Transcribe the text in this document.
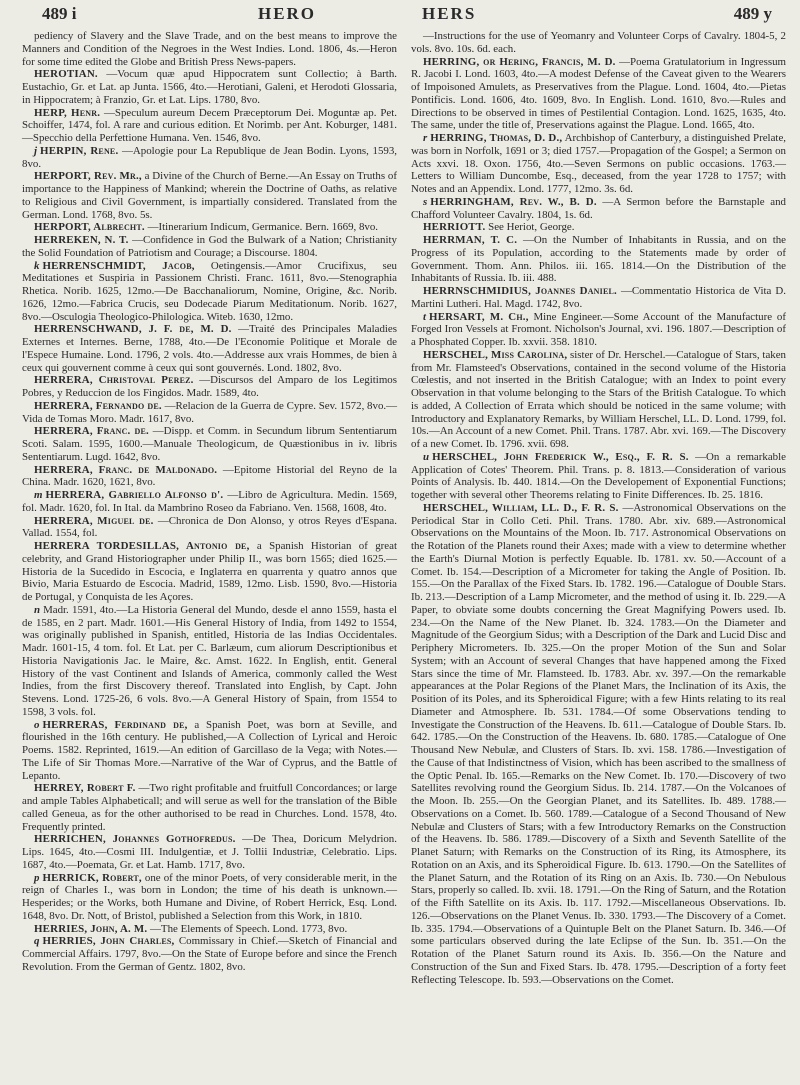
489 i	HERO	HERS	489 y

pediency of Slavery and the Slave Trade, and on the best means to improve the Manners and Condition of the Negroes in the West Indies. Lond. 1806, 4s.—Heron for some time edited the Globe and British Press News-papers.

HEROTIAN. —Vocum quæ apud Hippocratem sunt Collectio; à Barth. Eustachio, Gr. et Lat. ap Junta. 1566, 4to.—Herotiani, Galeni, et Herodoti Glossaria, in Hippocratem; à Franzio, Gr. et Lat. Lips. 1780, 8vo.

HERP, Henr. —Speculum aureum Decem Præceptorum Dei. Moguntæ ap. Pet. Schoiffer, 1474, fol. A rare and curious edition. Et Norimb. per Ant. Koburger, 1481.—Specchio della Perfettione Humana. Ven. 1546, 8vo.

j HERPIN, Rene. —Apologie pour La Republique de Jean Bodin. Lyons, 1593, 8vo.

HERPORT, Rev. Mr., a Divine of the Church of Berne.—An Essay on Truths of importance to the Happiness of Mankind; wherein the Doctrine of Oaths, as relative to Religious and Civil Government, is impartially considered. Translated from the German. Lond. 1768, 8vo. 5s.

HERPORT, Albrecht. —Itinerarium Indicum, Germanice. Bern. 1669, 8vo.

HERREKEN, N. T. —Confidence in God the Bulwark of a Nation; Christianity the Solid Foundation of Patriotism and Courage; a Discourse. 1804.

k HERRENSCHMIDT, Jacob, Oetingensis.—Amor Crucifixus, seu Meditationes et Suspiria in Passionem Christi. Franc. 1611, 8vo.—Stenographia Rhetica. Norib. 1625, 12mo.—De Bacchanaliorum, Nomine, Origine, &c. Norib. 1626, 12mo.—Fabrica Crucis, seu Dodecade Piarum Meditationum. Norib. 1627, 8vo.—Osculogia Theologico-Philologica. Witeb. 1630, 12mo.

HERRENSCHWAND, J. F. de, M. D. —Traité des Principales Maladies Externes et Internes. Berne, 1788, 4to.—De l'Economie Politique et Morale de l'Espece Humaine. Lond. 1796, 2 vols. 4to.—Addresse aux vrais Hommes, de bien à ceux qui gouvernent comme à ceux qui sont gouvernés. Lond. 1802, 8vo.

HERRERA, Christoval Perez. —Discursos del Amparo de los Legitimos Pobres, y Reduccion de los Fingidos. Madr. 1589, 4to.

HERRERA, Fernando de. —Relacion de la Guerra de Cypre. Sev. 1572, 8vo.—Vida de Tomas Moro. Madr. 1617, 8vo.

HERRERA, Franc. de. —Dispp. et Comm. in Secundum librum Sententiarum Scoti. Salam. 1595, 1600.—Manuale Theologicum, de Quæstionibus in iv. libris Sententiarum. Lugd. 1642, 8vo.

HERRERA, Franc. de Maldonado. —Epitome Historial del Reyno de la China. Madr. 1620, 1621, 8vo.

m HERRERA, Gabriello Alfonso d'. —Libro de Agricultura. Medin. 1569, fol. Madr. 1620, fol. In Ital. da Mambrino Roseo da Fabriano. Ven. 1568, 1608, 4to.

HERRERA, Miguel de. —Chronica de Don Alonso, y otros Reyes d'Espana. Vallad. 1554, fol.

HERRERA TORDESILLAS, Antonio de, a Spanish Historian of great celebrity, and Grand Historiographer under Philip II., was born 1565; died 1625.—Historia de la Sucedido in Escocia, e Inglaterra en quarrenta y quatro annos que Bivio, Maria Estuardo de Escocia. Madrid, 1589, 12mo. Lisb. 1590, 8vo.—Historia de Portugal, y Conquista de les Açores.

n Madr. 1591, 4to.—La Historia General del Mundo, desde el anno 1559, hasta el de 1585, en 2 part. Madr. 1601.—His General History of India, from 1492 to 1554, was originally published in Spanish, entitled, Historia de las Indias Occidentales. Madr. 1601-15, 4 tom. fol. Et Lat. per C. Barlæum, cum aliorum Descriptionibus et Historia Navigationis Jac. le Maire, &c. Amst. 1622. In English, entit. General History of the vast Continent and Islands of America, commonly called the West Indies, from the first Discovery thereof. Translated into English, by Capt. John Stevens. Lond. 1725-26, 6 vols. 8vo.—A General History of Spain, from 1554 to 1598, 3 vols. fol.

o HERRERAS, Ferdinand de, a Spanish Poet, was born at Seville, and flourished in the 16th century. He published,—A Collection of Lyrical and Heroic Poems. 1582. Reprinted, 1619.—An edition of Garcillaso de la Vega; with Notes.—The Life of Sir Thomas More.—Narrative of the War of Cyprus, and the Battle of Lepanto.

HERREY, Robert F. —Two right profitable and fruitfull Concordances; or large and ample Tables Alphabeticall; and will serue as well for the translation of the Bible called Geneua, as for the other authorised to be read in Churches. Lond. 1578, 4to. Frequently printed.

HERRICHEN, Johannes Gothofredus. —De Thea, Doricum Melydrion. Lips. 1645, 4to.—Cosmi III. Indulgentiæ, et J. Tollii Industriæ, Celebratio. Lips. 1687, 4to.—Poemata, Gr. et Lat. Hamb. 1717, 8vo.

p HERRICK, Robert, one of the minor Poets, of very considerable merit, in the reign of Charles I., was born in London; the time of his death is unknown.—Hesperides; or the Works, both Humane and Divine, of Robert Herrick, Esq. Lond. 1648, 8vo. Dr. Nott, of Bristol, published a Selection from this Work, in 1810.

HERRIES, John, A. M. —The Elements of Speech. Lond. 1773, 8vo.

q HERRIES, John Charles, Commissary in Chief.—Sketch of Financial and Commercial Affairs. 1797, 8vo.—On the State of Europe before and since the French Revolution. From the German of Gentz. 1802, 8vo.

—Instructions for the use of Yeomanry and Volunteer Corps of Cavalry. 1804-5, 2 vols. 8vo. 10s. 6d. each.

HERRING, or Hering, Francis, M. D. —Poema Gratulatorium in Ingressum R. Jacobi I. Lond. 1603, 4to.—A modest Defense of the Caveat given to the Wearers of Impoisoned Amulets, as Preservatives from the Plague. Lond. 1604, 4to.—Pietas Pontificis. Lond. 1606, 4to. 1609, 8vo. In English. Lond. 1610, 8vo.—Rules and Directions to be observed in times of Pestilential Contagion. Lond. 1625, 1635, 4to. The same, under the title of, Preservations against the Plague. Lond. 1665, 4to.

r HERRING, Thomas, D. D., Archbishop of Canterbury, a distinguished Prelate, was born in Norfolk, 1691 or 3; died 1757.—Propagation of the Gospel; a Sermon on Acts xxvi. 18. Oxon. 1756, 4to.—Seven Sermons on public occasions. 1763.—Letters to William Duncombe, Esq., deceased, from the year 1728 to 1757; with Notes and an Appendix. Lond. 1777, 12mo. 3s. 6d.

s HERRINGHAM, Rev. W., B. D. —A Sermon before the Barnstaple and Chafford Volunteer Cavalry. 1804, 1s. 6d.

HERRIOTT. See Heriot, George.

HERRMAN, T. C. —On the Number of Inhabitants in Russia, and on the Progress of its Population, according to the Statements made by order of Government. Thom. Ann. Philos. iii. 165. 1814.—On the Distribution of the Inhabitants of Russia. Ib. iii. 488.

HERRNSCHMIDIUS, Joannes Daniel. —Commentatio Historica de Vita D. Martini Lutheri. Hal. Magd. 1742, 8vo.

t HERSART, M. Ch., Mine Engineer.—Some Account of the Manufacture of Forged Iron Vessels at Fromont. Nicholson's Journal, xvi. 196. 1807.—Description of a Phosphated Copper. Ib. xxvii. 358. 1810.

HERSCHEL, Miss Carolina, sister of Dr. Herschel.—Catalogue of Stars, taken from Mr. Flamsteed's Observations, contained in the second volume of the Historia Cœlestis, and not inserted in the British Catalogue; with an Index to point every Observation in that volume belonging to the Stars of the British Catalogue. To which is added, A Collection of Errata which should be noticed in the same volume; with Introductory and Explanatory Remarks, by William Herschel, LL. D. Lond. 1799, fol. 10s.—An Account of a new Comet. Phil. Trans. 1787. Abr. xvi. 169.—The Discovery of a new Comet. Ib. 1796. xvii. 698.

u HERSCHEL, John Frederick W., Esq., F. R. S. —On a remarkable Application of Cotes' Theorem. Phil. Trans. p. 8. 1813.—Consideration of various Points of Analysis. Ib. 440. 1814.—On the Developement of Exponential Functions; together with several other Theorems relating to Finite Differences. Ib. 25. 1816.

HERSCHEL, William, LL. D., F. R. S. —Astronomical Observations on the Periodical Star in Collo Ceti. Phil. Trans. 1780. Abr. xiv. 689.—Astronomical Observations on the Mountains of the Moon. Ib. 717. Astronomical Observations on the Rotation of the Planets round their Axes; made with a view to determine whether the Earth's Diurnal Motion is perfectly Equable. Ib. 1781. xv. 50.—Account of a Comet. Ib. 154.—Description of a Micrometer for taking the Angle of Position. Ib. 155.—On the Parallax of the Fixed Stars. Ib. 1782. 196.—Catalogue of Double Stars. Ib. 213.—Description of a Lamp Micrometer, and the method of using it. Ib. 229.—A Paper, to obviate some doubts concerning the Great Magnifying Powers used. Ib. 234.—On the Name of the New Planet. Ib. 324. 1783.—On the Diameter and Magnitude of the Georgium Sidus; with a Description of the Dark and Lucid Disc and Periphery Micrometers. Ib. 325.—On the proper Motion of the Sun and Solar System; with an Account of several Changes that have happened among the Fixed Stars since the time of Mr. Flamsteed. Ib. 1783. Abr. xv. 397.—On the remarkable appearances at the Polar Regions of the Planet Mars, the Inclination of its Axis, the Position of its Poles, and its Spheroidical Figure; with a few Hints relating to its real Diameter and Atmosphere. Ib. 531. 1784.—Of some Observations tending to Investigate the Construction of the Heavens. Ib. 611.—Catalogue of Double Stars. Ib. 642. 1785.—On the Construction of the Heavens. Ib. 680. 1785.—Catalogue of One Thousand New Nebulæ, and Clusters of Stars. Ib. xvi. 158. 1786.—Investigation of the Cause of that Indistinctness of Vision, which has been ascribed to the smallness of the Optic Penal. Ib. 165.—Remarks on the New Comet. Ib. 170.—Discovery of two Satellites revolving round the Georgium Sidus. Ib. 214. 1787.—On the Volcanoes of the Moon. Ib. 255.—On the Georgian Planet, and its Satellites. Ib. 489. 1788.—Observations on a Comet. Ib. 560. 1789.—Catalogue of a Second Thousand of New Nebulæ and Clusters of Stars; with a few Introductory Remarks on the Construction of the Heavens. Ib. 586. 1789.—Discovery of a Sixth and Seventh Satellite of the Planet Saturn; with Remarks on the Construction of its Ring, its Atmosphere, its Rotation on an Axis, and its Spheroidical Figure. Ib. 613. 1790.—On the Satellites of the Planet Saturn, and the Rotation of its Ring on an Axis. Ib. 730.—On Nebulous Stars, properly so called. Ib. xvii. 18. 1791.—On the Ring of Saturn, and the Rotation of the Fifth Satellite on its Axis. Ib. 117. 1792.—Miscellaneous Observations. Ib. 126.—Observations on the Planet Venus. Ib. 330. 1793.—The Discovery of a Comet. Ib. 335. 1794.—Observations of a Quintuple Belt on the Planet Saturn. Ib. 346.—Of some particulars observed during the late Eclipse of the Sun. Ib. 351.—On the Rotation of the Planet Saturn round its Axis. Ib. 356.—On the Nature and Construction of the Sun and Fixed Stars. Ib. 478. 1795.—Description of a forty feet Reflecting Telescope. Ib. 593.—Observations on the Comet.
